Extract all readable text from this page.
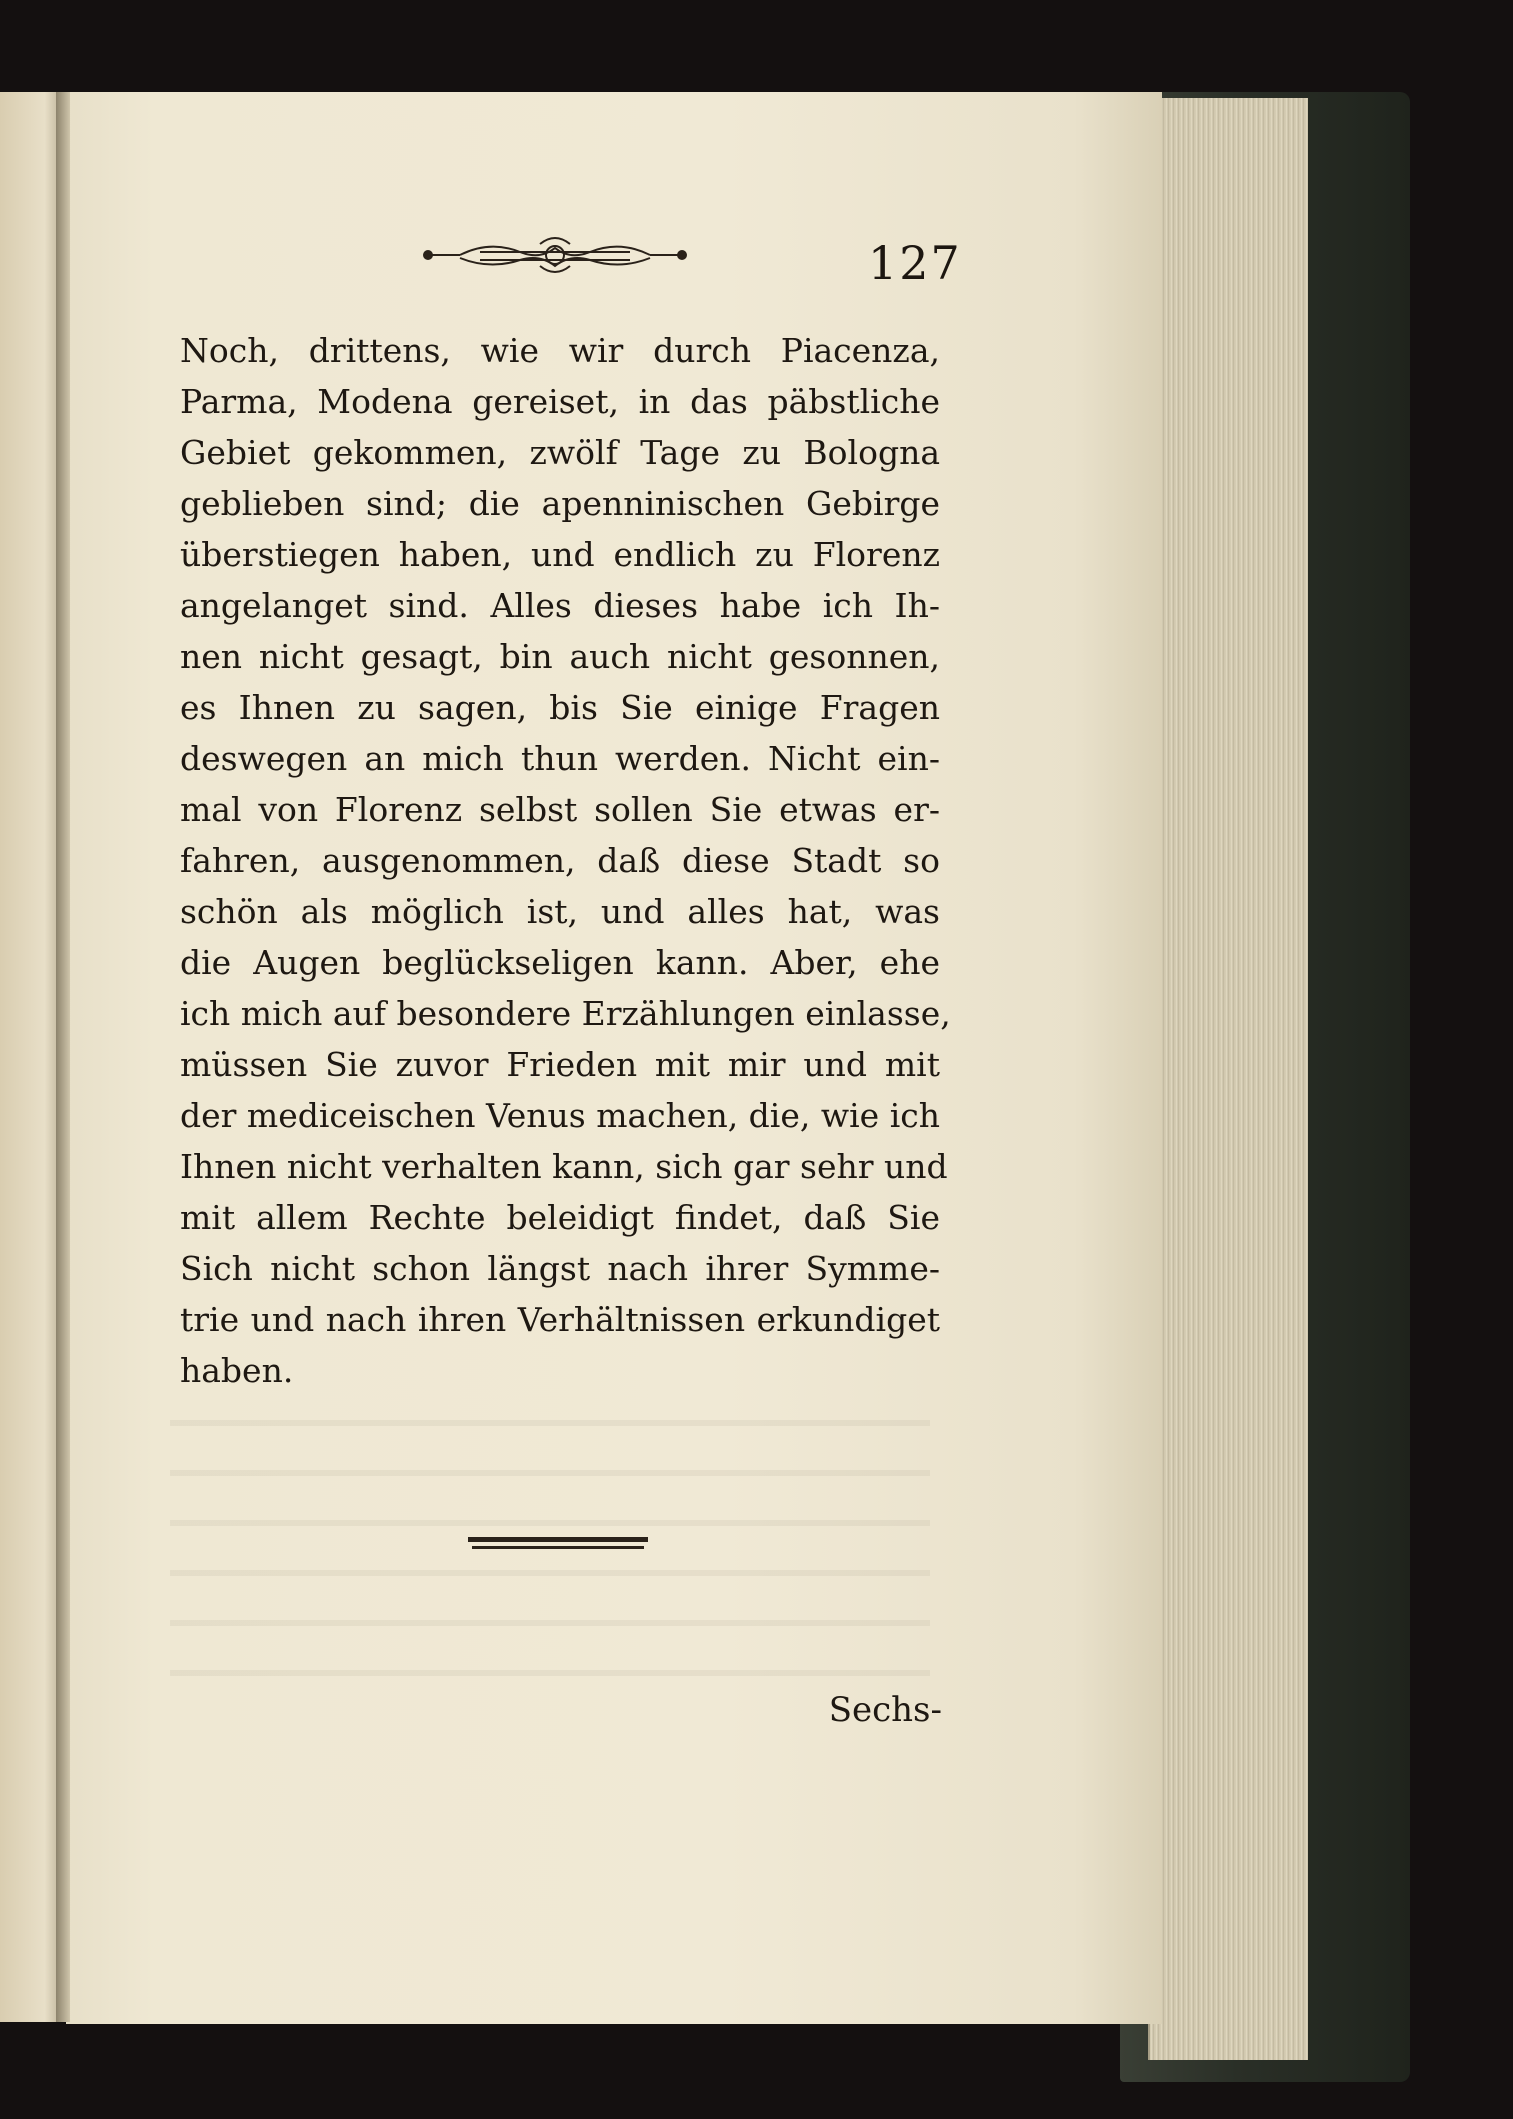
127
Noch, drittens, wie wir durch Piacenza,
Parma, Modena gereiset, in das päbstliche
Gebiet gekommen, zwölf Tage zu Bologna
geblieben sind; die apenninischen Gebirge
überstiegen haben, und endlich zu Florenz
angelanget sind. Alles dieses habe ich Ih-
nen nicht gesagt, bin auch nicht gesonnen,
es Ihnen zu sagen, bis Sie einige Fragen
deswegen an mich thun werden. Nicht ein-
mal von Florenz selbst sollen Sie etwas er-
fahren, ausgenommen, daß diese Stadt so
schön als möglich ist, und alles hat, was
die Augen beglückseligen kann. Aber, ehe
ich mich auf besondere Erzählungen einlasse,
müssen Sie zuvor Frieden mit mir und mit
der mediceischen Venus machen, die, wie ich
Ihnen nicht verhalten kann, sich gar sehr und
mit allem Rechte beleidigt findet, daß Sie
Sich nicht schon längst nach ihrer Symme-
trie und nach ihren Verhältnissen erkundiget
haben.
Sechs-
